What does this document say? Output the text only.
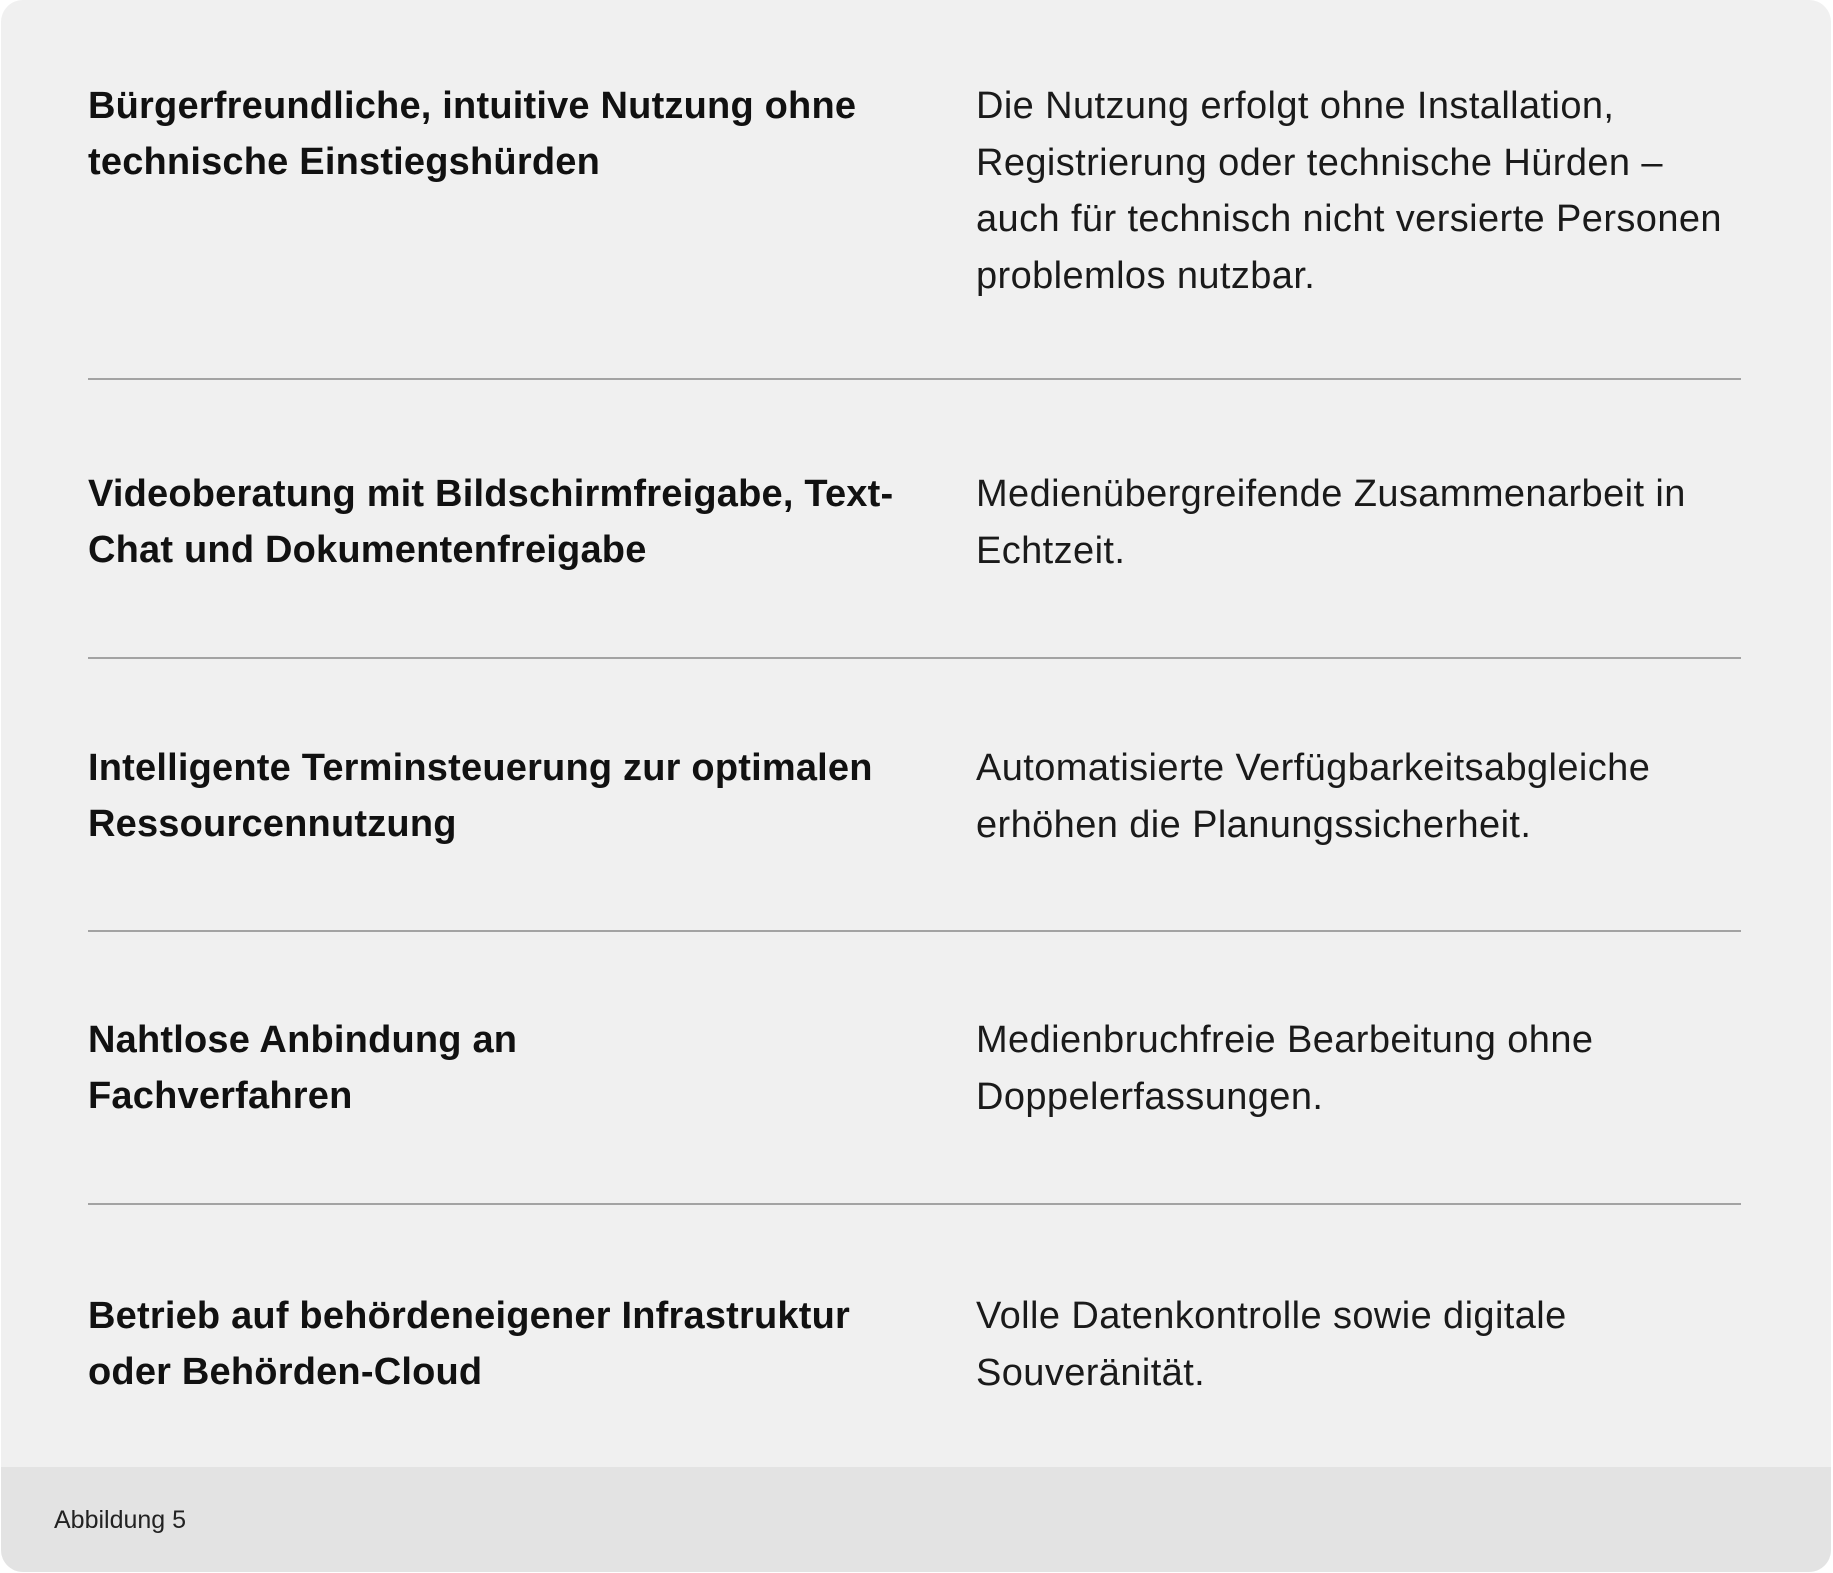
Bürgerfreundliche, intuitive Nutzung ohne technische Einstiegshürden
Die Nutzung erfolgt ohne Installation, Registrierung oder technische Hürden – auch für technisch nicht versierte Personen problemlos nutzbar.
Videoberatung mit Bildschirmfreigabe, Text-Chat und Dokumentenfreigabe
Medienübergreifende Zusammenarbeit in Echtzeit.
Intelligente Terminsteuerung zur optimalen Ressourcennutzung
Automatisierte Verfügbarkeitsabgleiche erhöhen die Planungssicherheit.
Nahtlose Anbindung an Fachverfahren
Medienbruchfreie Bearbeitung ohne Doppelerfassungen.
Betrieb auf behördeneigener Infrastruktur oder Behörden-Cloud
Volle Datenkontrolle sowie digitale Souveränität.
Abbildung 5
